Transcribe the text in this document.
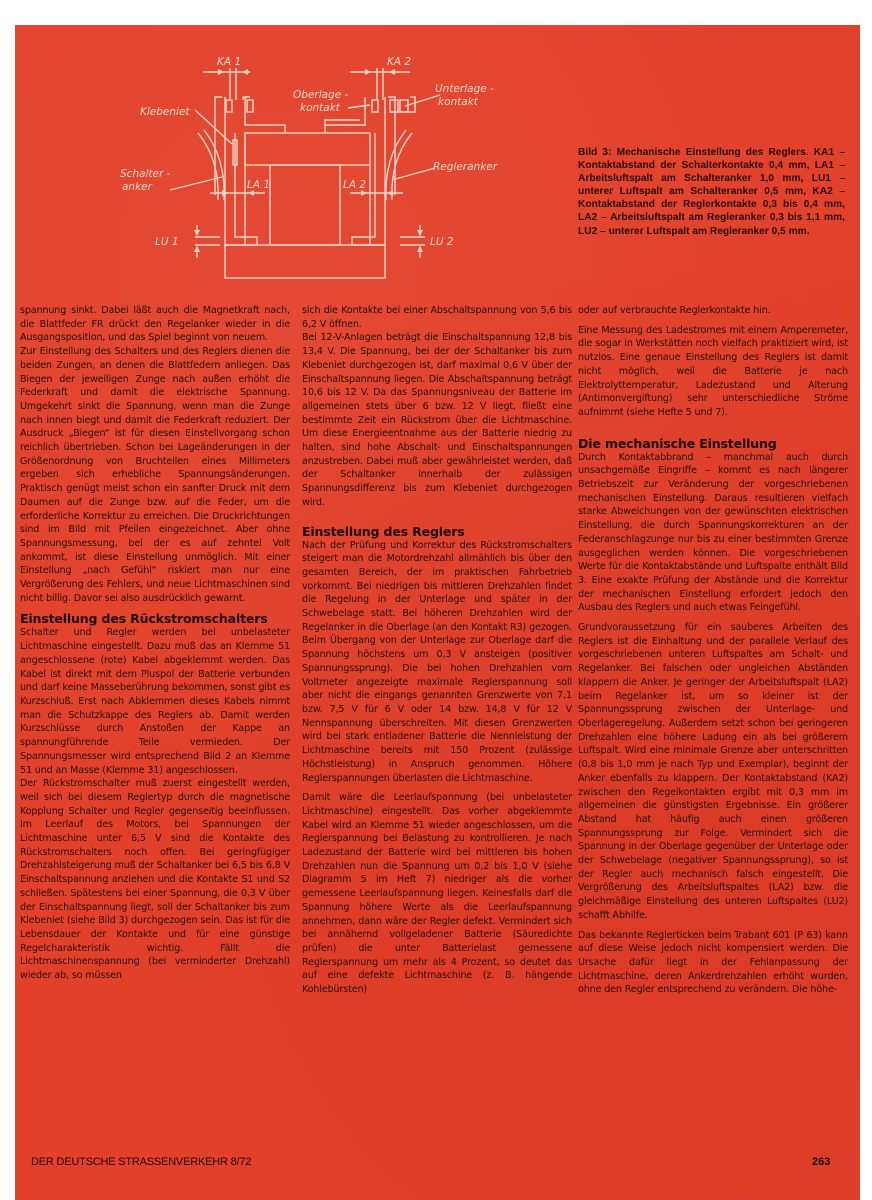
KA 1	KA 2
Klebeniet
Oberlage -
kontakt
Unterlage -
kontakt
Schalter -
anker
Regleranker
LA 1	LA 2
LU 1	LU 2
Bild 3: Mechanische Einstellung des Reglers. KA1 – Kontaktabstand der Schalterkontakte 0,4 mm, LA1 – Arbeitsluftspalt am Schalteranker 1,0 mm, LU1 – unterer Luftspalt am Schalteranker 0,5 mm, KA2 – Kontaktabstand der Reglerkontakte 0,3 bis 0,4 mm, LA2 – Arbeitsluftspalt am Regleranker 0,3 bis 1,1 mm, LU2 – unterer Luftspalt am Regleranker 0,5 mm.

spannung sinkt. Dabei läßt auch die Magnetkraft nach, die Blattfeder FR drückt den Regelanker wieder in die Ausgangsposition, und das Spiel beginnt von neuem.

Zur Einstellung des Schalters und des Reglers dienen die beiden Zungen, an denen die Blattfedern anliegen. Das Biegen der jeweiligen Zunge nach außen erhöht die Federkraft und damit die elektrische Spannung. Umgekehrt sinkt die Spannung, wenn man die Zunge nach innen biegt und damit die Federkraft reduziert. Der Ausdruck „Biegen“ ist für diesen Einstellvorgang schon reichlich übertrieben. Schon bei Lageänderungen in der Größenordnung von Bruchteilen eines Millimeters ergeben sich erhebliche Spannungsänderungen. Praktisch genügt meist schon ein sanfter Druck mit dem Daumen auf die Zunge bzw. auf die Feder, um die erforderliche Korrektur zu erreichen. Die Druckrichtungen sind im Bild mit Pfeilen eingezeichnet. Aber ohne Spannungsmessung, bei der es auf zehntel Volt ankommt, ist diese Einstellung unmöglich. Mit einer Einstellung „nach Gefühl“ riskiert man nur eine Vergrößerung des Fehlers, und neue Lichtmaschinen sind nicht billig. Davor sei also ausdrücklich gewarnt.

Einstellung des Rückstromschalters

Schalter und Regler werden bei unbelasteter Lichtmaschine eingestellt. Dazu muß das an Klemme 51 angeschlossene (rote) Kabel abgeklemmt werden. Das Kabel ist direkt mit dem Pluspol der Batterie verbunden und darf keine Masseberührung bekommen, sonst gibt es Kurzschluß. Erst nach Abklemmen dieses Kabels nimmt man die Schutzkappe des Reglers ab. Damit werden Kurzschlüsse durch Anstoßen der Kappe an spannungführende Teile vermieden. Der Spannungsmesser wird entsprechend Bild 2 an Klemme 51 und an Masse (Klemme 31) angeschlossen.

Der Rückstromschalter muß zuerst eingestellt werden, weil sich bei diesem Reglertyp durch die magnetische Kopplung Schalter und Regler gegenseitig beeinflussen. Im Leerlauf des Motors, bei Spannungen der Lichtmaschine unter 6,5 V sind die Kontakte des Rückstromschalters noch offen. Bei geringfügiger Drehzahlsteigerung muß der Schaltanker bei 6,5 bis 6,8 V Einschaltspannung anziehen und die Kontakte S1 und S2 schließen. Spätestens bei einer Spannung, die 0,3 V über der Einschaltspannung liegt, soll der Schaltanker bis zum Klebeniet (siehe Bild 3) durchgezogen sein. Das ist für die Lebensdauer der Kontakte und für eine günstige Regelcharakteristik wichtig. Fällt die Lichtmaschinenspannung (bei verminderter Drehzahl) wieder ab, so müssen

sich die Kontakte bei einer Abschaltspannung von 5,6 bis 6,2 V öffnen.

Bei 12-V-Anlagen beträgt die Einschaltspannung 12,8 bis 13,4 V. Die Spannung, bei der der Schaltanker bis zum Klebeniet durchgezogen ist, darf maximal 0,6 V über der Einschaltspannung liegen. Die Abschaltspannung beträgt 10,6 bis 12 V. Da das Spannungsniveau der Batterie im allgemeinen stets über 6 bzw. 12 V liegt, fließt eine bestimmte Zeit ein Rückstrom über die Lichtmaschine. Um diese Energieentnahme aus der Batterie niedrig zu halten, sind hohe Abschalt- und Einschaltspannungen anzustreben. Dabei muß aber gewährleistet werden, daß der Schaltanker innerhalb der zulässigen Spannungsdifferenz bis zum Klebeniet durchgezogen wird.

Einstellung des Reglers

Nach der Prüfung und Korrektur des Rückstromschalters steigert man die Motordrehzahl allmählich bis über den gesamten Bereich, der im praktischen Fahrbetrieb vorkommt. Bei niedrigen bis mittleren Drehzahlen findet die Regelung in der Unterlage und später in der Schwebelage statt. Bei höheren Drehzahlen wird der Regelanker in die Oberlage (an den Kontakt R3) gezogen. Beim Übergang von der Unterlage zur Oberlage darf die Spannung höchstens um 0,3 V ansteigen (positiver Spannungssprung). Die bei hohen Drehzahlen vom Voltmeter angezeigte maximale Reglerspannung soll aber nicht die eingangs genannten Grenzwerte von 7,1 bzw. 7,5 V für 6 V oder 14 bzw. 14,8 V für 12 V Nennspannung überschreiten. Mit diesen Grenzwerten wird bei stark entladener Batterie die Nennleistung der Lichtmaschine bereits mit 150 Prozent (zulässige Höchstleistung) in Anspruch genommen. Höhere Reglerspannungen überlasten die Lichtmaschine.

Damit wäre die Leerlaufspannung (bei unbelasteter Lichtmaschine) eingestellt. Das vorher abgeklemmte Kabel wird an Klemme 51 wieder angeschlossen, um die Reglerspannung bei Belastung zu kontrollieren. Je nach Ladezustand der Batterie wird bei mittleren bis hohen Drehzahlen nun die Spannung um 0,2 bis 1,0 V (siehe Diagramm 5 im Heft 7) niedriger als die vorher gemessene Leerlaufspannung liegen. Keinesfalls darf die Spannung höhere Werte als die Leerlaufspannung annehmen, dann wäre der Regler defekt. Vermindert sich bei annähernd vollgeladener Batterie (Säuredichte prüfen) die unter Batterielast gemessene Reglerspannung um mehr als 4 Prozent, so deutet das auf eine defekte Lichtmaschine (z. B. hängende Kohlebürsten)

oder auf verbrauchte Reglerkontakte hin.

Eine Messung des Ladestromes mit einem Amperemeter, die sogar in Werkstätten noch vielfach praktiziert wird, ist nutzlos. Eine genaue Einstellung des Reglers ist damit nicht möglich, weil die Batterie je nach Elektrolyttemperatur, Ladezustand und Alterung (Antimonvergiftung) sehr unterschiedliche Ströme aufnimmt (siehe Hefte 5 und 7).

Die mechanische Einstellung

Durch Kontaktabbrand – manchmal auch durch unsachgemäße Eingriffe – kommt es nach längerer Betriebszeit zur Veränderung der vorgeschriebenen mechanischen Einstellung. Daraus resultieren vielfach starke Abweichungen von der gewünschten elektrischen Einstellung, die durch Spannungskorrekturen an der Federanschlagzunge nur bis zu einer bestimmten Grenze ausgeglichen werden können. Die vorgeschriebenen Werte für die Kontaktabstände und Luftspalte enthält Bild 3. Eine exakte Prüfung der Abstände und die Korrektur der mechanischen Einstellung erfordert jedoch den Ausbau des Reglers und auch etwas Feingefühl.

Grundvoraussetzung für ein sauberes Arbeiten des Reglers ist die Einhaltung und der parallele Verlauf des vorgeschriebenen unteren Luftspaltes am Schalt- und Regelanker. Bei falschen oder ungleichen Abständen klappern die Anker. Je geringer der Arbeitsluftspalt (LA2) beim Regelanker ist, um so kleiner ist der Spannungssprung zwischen der Unterlage- und Oberlageregelung. Außerdem setzt schon bei geringeren Drehzahlen eine höhere Ladung ein als bei größerem Luftspalt. Wird eine minimale Grenze aber unterschritten (0,8 bis 1,0 mm je nach Typ und Exemplar), beginnt der Anker ebenfalls zu klappern. Der Kontaktabstand (KA2) zwischen den Regelkontakten ergibt mit 0,3 mm im allgemeinen die günstigsten Ergebnisse. Ein größerer Abstand hat häufig auch einen größeren Spannungssprung zur Folge. Vermindert sich die Spannung in der Oberlage gegenüber der Unterlage oder der Schwebelage (negativer Spannungssprung), so ist der Regler auch mechanisch falsch eingestellt. Die Vergrößerung des Arbeitsluftspaltes (LA2) bzw. die gleichmäßige Einstellung des unteren Luftspaltes (LU2) schafft Abhilfe.

Das bekannte Reglerticken beim Trabant 601 (P 63) kann auf diese Weise jedoch nicht kompensiert werden. Die Ursache dafür liegt in der Fehlanpassung der Lichtmaschine, deren Ankerdrehzahlen erhöht wurden, ohne den Regler entsprechend zu verändern. Die höhe-

DER DEUTSCHE STRASSENVERKEHR 8/72	263
